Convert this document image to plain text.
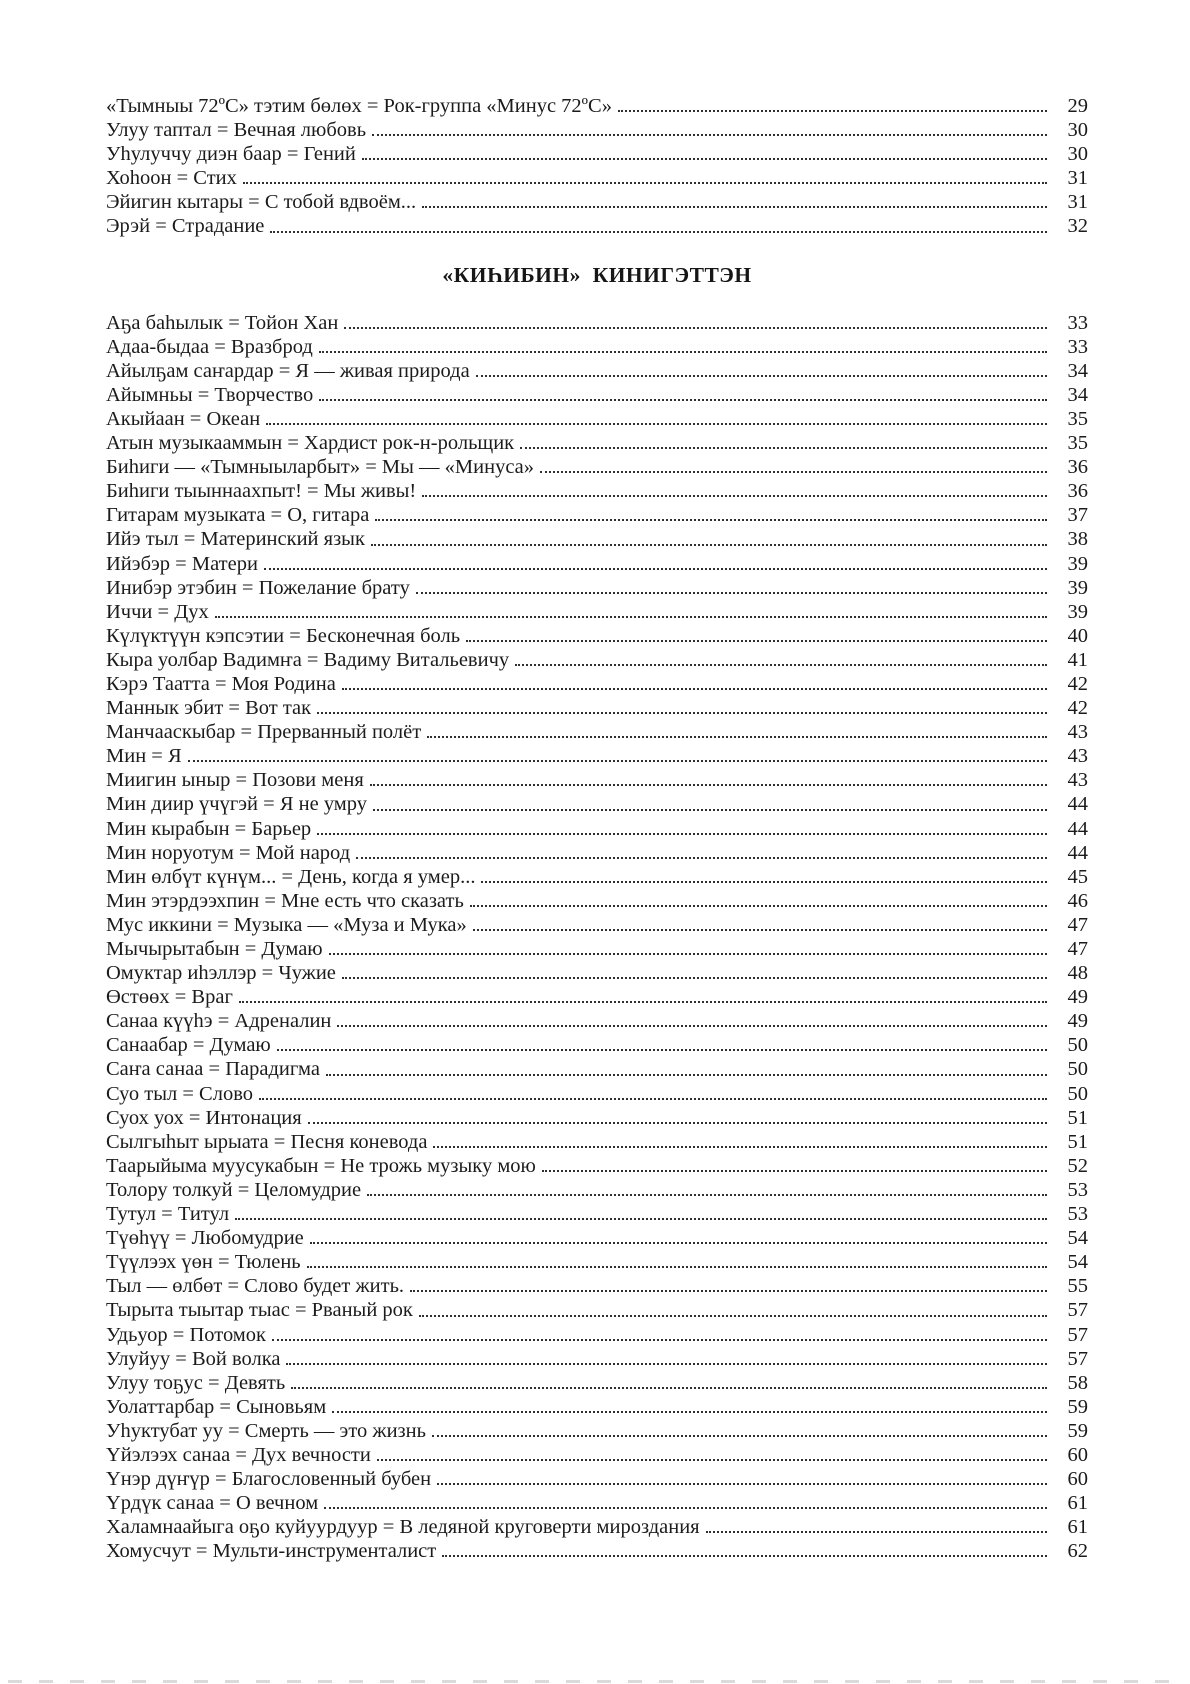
«Тымныы 72ºС» тэтим бөлөх = Рок-группа «Минус 72ºС»	29
Улуу таптал = Вечная любовь	30
Уһулуччу диэн баар = Гений	30
Хоһоон = Стих	31
Эйигин кытары = С тобой вдвоём...	31
Эрэй = Страдание	32
«КИҺИБИН»  КИНИГЭТТЭН
Аҕа баһылык = Тойон Хан	33
Адаа-быдаа = Вразброд	33
Айылҕам саҥардар = Я — живая природа	34
Айымньы = Творчество	34
Акыйаан = Океан	35
Атын музыкааммын = Хардист рок-н-рольщик	35
Биһиги — «Тымныыларбыт» = Мы — «Минуса»	36
Биһиги тыыннаахпыт! = Мы живы!	36
Гитарам музыката = О, гитара	37
Ийэ тыл = Материнский язык	38
Ийэбэр = Матери	39
Инибэр этэбин = Пожелание брату	39
Иччи = Дух	39
Күлүктүүн кэпсэтии = Бесконечная боль	40
Кыра уолбар Вадимҥа = Вадиму Витальевичу	41
Кэрэ Таатта = Моя Родина	42
Маннык эбит = Вот так	42
Манчааскыбар = Прерванный полёт	43
Мин = Я	43
Миигин ыныр = Позови меня	43
Мин диир үчүгэй = Я не умру	44
Мин кырабын = Барьер	44
Мин норуотум = Мой народ	44
Мин өлбүт күнүм... = День, когда я умер...	45
Мин этэрдээхпин = Мне есть что сказать	46
Мус иккини = Музыка — «Муза и Мука»	47
Мычырытабын = Думаю	47
Омуктар иһэллэр = Чужие	48
Өстөөх = Враг	49
Санаа күүһэ = Адреналин	49
Санаабар = Думаю	50
Саҥа санаа = Парадигма	50
Суо тыл = Слово	50
Суох уох = Интонация	51
Сылгыһыт ырыата = Песня коневода	51
Таарыйыма муусукабын = Не трожь музыку мою	52
Толору толкуй = Целомудрие	53
Тутул = Титул	53
Түөһүү = Любомудрие	54
Түүлээх үөн = Тюлень	54
Тыл — өлбөт = Слово будет жить.	55
Тырыта тыытар тыас = Рваный рок	57
Удьуор = Потомок	57
Улуйуу = Вой волка	57
Улуу тоҕус = Девять	58
Уолаттарбар = Сыновьям	59
Уһуктубат уу = Смерть — это жизнь	59
Үйэлээх санаа = Дух вечности	60
Үнэр дүҥүр = Благословенный бубен	60
Үрдүк санаа = О вечном	61
Халамнаайыга оҕо куйуурдуур = В ледяной круговерти мироздания	61
Хомусчут = Мульти-инструменталист	62
